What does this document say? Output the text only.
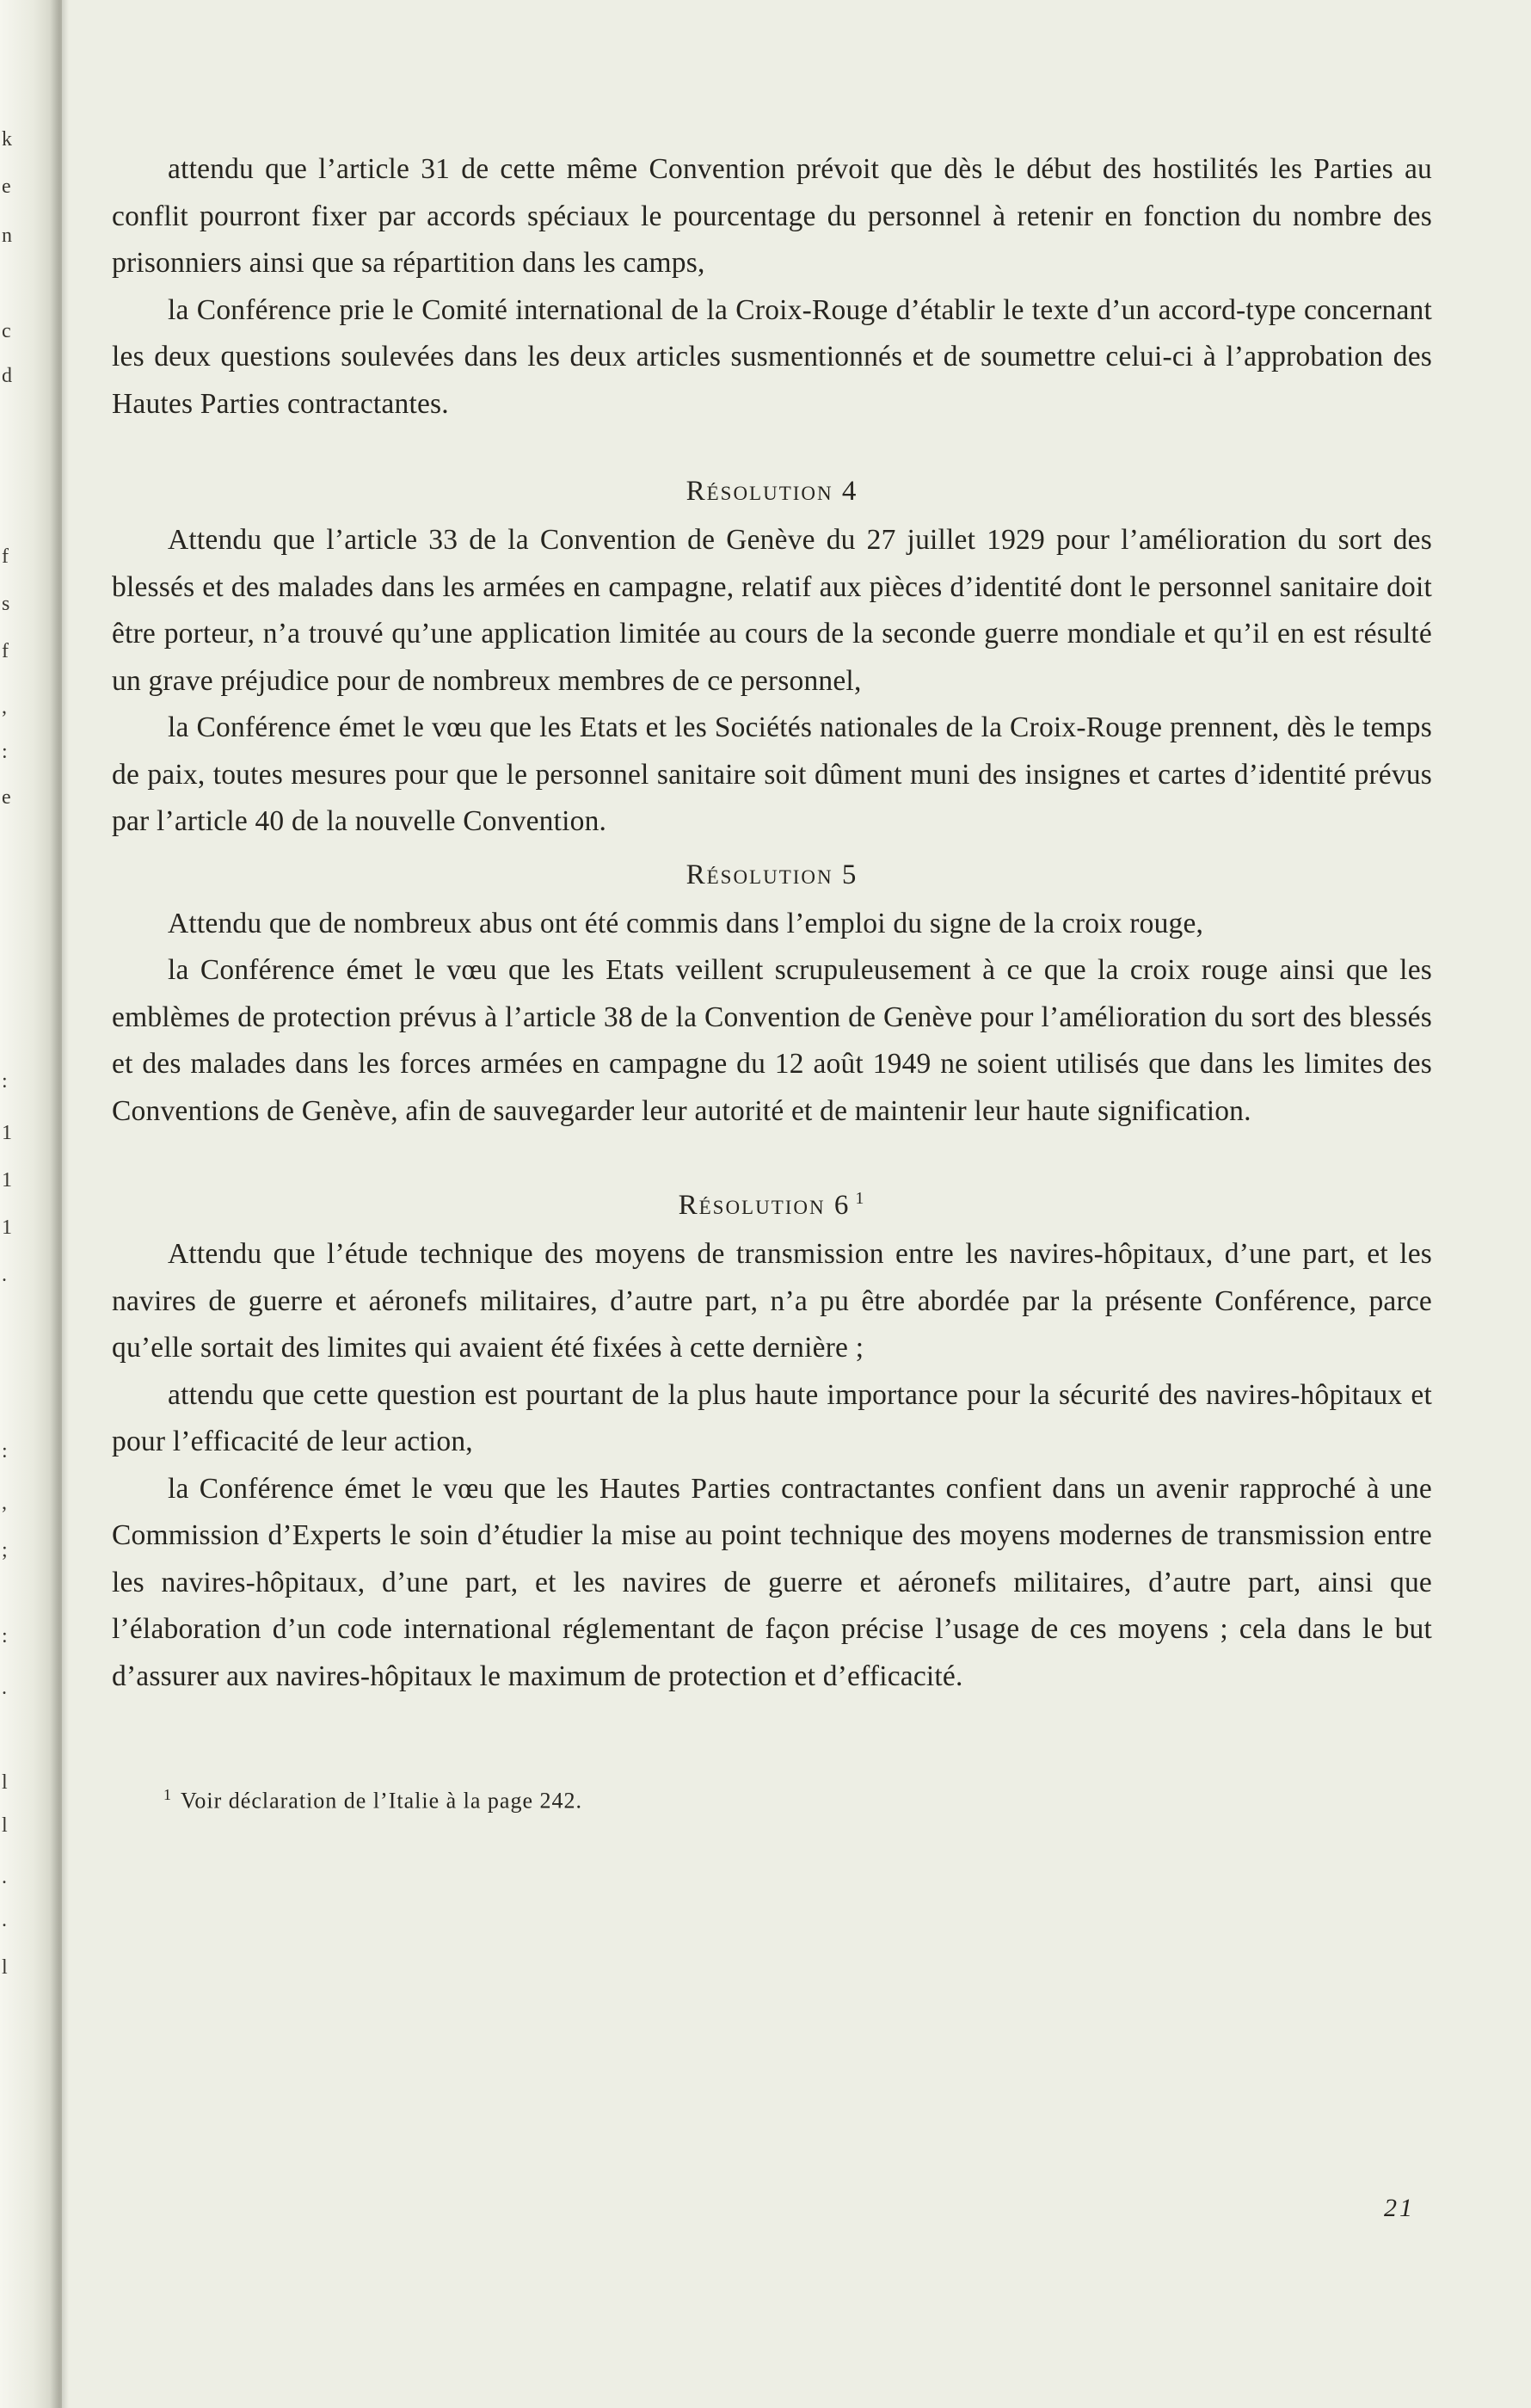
k
e
n
c
d
f
s
f
,
:
e
:
1
1
1
.
:
,
;
:
.
l
l
.
.
l

attendu que l’article 31 de cette même Convention prévoit que dès le début des hostilités les Parties au conflit pourront fixer par accords spéciaux le pourcentage du personnel à retenir en fonction du nombre des prisonniers ainsi que sa répartition dans les camps,

la Conférence prie le Comité international de la Croix-Rouge d’établir le texte d’un accord-type concernant les deux questions soulevées dans les deux articles susmentionnés et de soumettre celui-ci à l’approbation des Hautes Parties contractantes.

Résolution 4

Attendu que l’article 33 de la Convention de Genève du 27 juillet 1929 pour l’amélioration du sort des blessés et des malades dans les armées en campagne, relatif aux pièces d’identité dont le personnel sanitaire doit être porteur, n’a trouvé qu’une application limitée au cours de la seconde guerre mondiale et qu’il en est résulté un grave préjudice pour de nombreux membres de ce personnel,

la Conférence émet le vœu que les Etats et les Sociétés nationales de la Croix-Rouge prennent, dès le temps de paix, toutes mesures pour que le personnel sanitaire soit dûment muni des insignes et cartes d’identité prévus par l’article 40 de la nouvelle Convention.

Résolution 5

Attendu que de nombreux abus ont été commis dans l’emploi du signe de la croix rouge,

la Conférence émet le vœu que les Etats veillent scrupuleusement à ce que la croix rouge ainsi que les emblèmes de protection prévus à l’article 38 de la Convention de Genève pour l’amélioration du sort des blessés et des malades dans les forces armées en campagne du 12 août 1949 ne soient utilisés que dans les limites des Conventions de Genève, afin de sauvegarder leur autorité et de maintenir leur haute signification.

Résolution 6 $^1$

Attendu que l’étude technique des moyens de transmission entre les navires-hôpitaux, d’une part, et les navires de guerre et aéronefs militaires, d’autre part, n’a pu être abordée par la présente Conférence, parce qu’elle sortait des limites qui avaient été fixées à cette dernière ;

attendu que cette question est pourtant de la plus haute importance pour la sécurité des navires-hôpitaux et pour l’efficacité de leur action,

la Conférence émet le vœu que les Hautes Parties contractantes confient dans un avenir rapproché à une Commission d’Experts le soin d’étudier la mise au point technique des moyens modernes de transmission entre les navires-hôpitaux, d’une part, et les navires de guerre et aéronefs militaires, d’autre part, ainsi que l’élaboration d’un code international réglementant de façon précise l’usage de ces moyens ; cela dans le but d’assurer aux navires-hôpitaux le maximum de protection et d’efficacité.

$^1$ Voir déclaration de l’Italie à la page 242.
21
